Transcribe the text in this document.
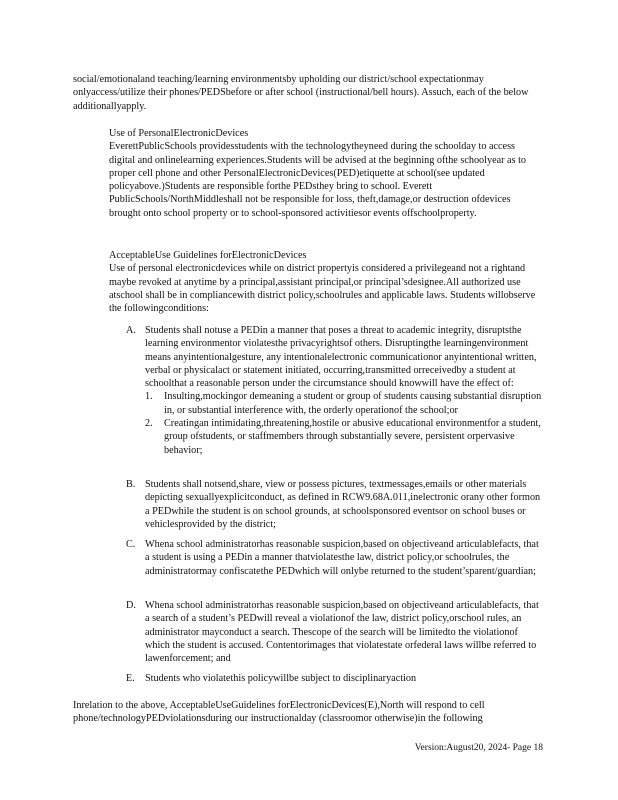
social/emotionaland teaching/learning environmentsby upholding our district/school expectationmay onlyaccess/utilize their phones/PEDSbefore or after school (instructional/bell hours). Assuch, each of the below additionallyapply.

Use of PersonalElectronicDevices

EverettPublicSchools providesstudents with the technologytheyneed during the schoolday to access digital and onlinelearning experiences.Students will be advised at the beginning ofthe schoolyear as to proper cell phone and other PersonalElectronicDevices(PED)etiquette at school(see updated policyabove.)Students are responsible forthe PEDsthey bring to school. Everett PublicSchools/NorthMiddleshall not be responsible for loss, theft,damage,or destruction ofdevices brought onto school property or to school-sponsored activitiesor events offschoolproperty.

AcceptableUse Guidelines forElectronicDevices

Use of personal electronicdevices while on district propertyis considered a privilegeand not a rightand maybe revoked at anytime by a principal,assistant principal,or principal’sdesignee.All authorized use atschool shall be in compliancewith district policy,schoolrules and applicable laws. Students willobserve the followingconditions:

A. Students shall notuse a PEDin a manner that poses a threat to academic integrity, disruptsthe learning environmentor violatesthe privacyrightsof others. Disruptingthe learningenvironment means anyintentionalgesture, any intentionalelectronic communicationor anyintentional written, verbal or physicalact or statement initiated, occurring,transmitted orreceivedby a student at schoolthat a reasonable person under the circumstance should knowwill have the effect of:

1. Insulting,mockingor demeaning a student or group of students causing substantial disruption in, or substantial interference with, the orderly operationof the school;or

2. Creatingan intimidating,threatening,hostile or abusive educational environmentfor a student, group ofstudents, or staffmembers through substantially severe, persistent orpervasive behavior;

B. Students shall notsend,share, view or possess pictures, textmessages,emails or other materials depicting sexuallyexplicitconduct, as defined in RCW9.68A.011,inelectronic orany other formon a PEDwhile the student is on school grounds, at schoolsponsored eventsor on school buses or vehiclesprovided by the district;

C. Whena school administratorhas reasonable suspicion,based on objectiveand articulablefacts, that a student is using a PEDin a manner thatviolatesthe law, district policy,or schoolrules, the administratormay confiscatethe PEDwhich will onlybe returned to the student’sparent/guardian;

D. Whena school administratorhas reasonable suspicion,based on objectiveand articulablefacts, that a search of a student’s PEDwill reveal a violationof the law, district policy,orschool rules, an administrator mayconduct a search. Thescope of the search will be limitedto the violationof which the student is accused. Contentorimages that violatestate orfederal laws willbe referred to lawenforcement; and

E. Students who violatethis policywillbe subject to disciplinaryaction

Inrelation to the above, AcceptableUseGuidelines forElectronicDevices(E),North will respond to cell phone/technologyPEDviolationsduring our instructionalday (classroomor otherwise)in the following

Version:August20, 2024- Page 18
